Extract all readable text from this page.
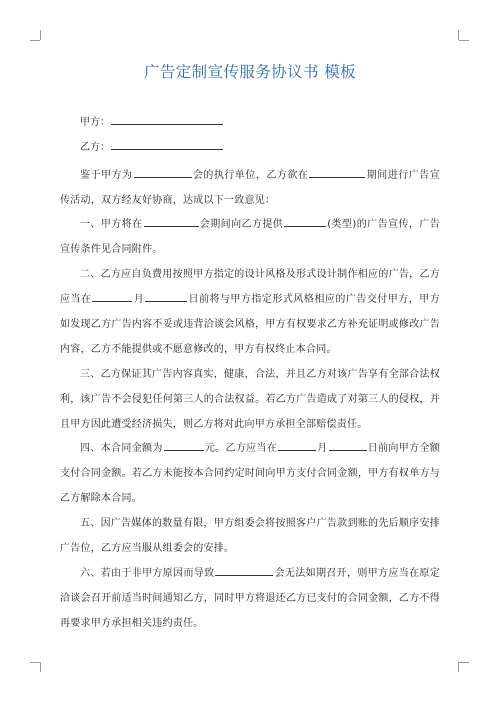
广告定制宣传服务协议书 模板
甲方：
乙方：
鉴于甲方为	会的执行单位，乙方欲在	期间进行广告宣传活动，双方经友好协商，达成以下一致意见：
一、甲方将在	会期间向乙方提供	(类型)的广告宣传，广告宣传条件见合同附件。
二、乙方应自负费用按照甲方指定的设计风格及形式设计制作相应的广告，乙方应当在	月	日前将与甲方指定形式风格相应的广告交付甲方，甲方如发现乙方广告内容不妥或违背洽谈会风格，甲方有权要求乙方补充证明或修改广告内容，乙方不能提供或不愿意修改的，甲方有权终止本合同。
三、乙方保证其广告内容真实，健康，合法，并且乙方对该广告享有全部合法权利，该广告不会侵犯任何第三人的合法权益。若乙方广告造成了对第三人的侵权，并且甲方因此遭受经济损失，则乙方将对此向甲方承担全部赔偿责任。
四、本合同金额为	元。乙方应当在	月	日前向甲方全额支付合同金额。若乙方未能按本合同约定时间向甲方支付合同金额，甲方有权单方与乙方解除本合同。
五、因广告媒体的数量有限，甲方组委会将按照客户广告款到账的先后顺序安排广告位，乙方应当服从组委会的安排。
六、若由于非甲方原因而导致	会无法如期召开，则甲方应当在原定洽谈会召开前适当时间通知乙方，同时甲方将退还乙方已支付的合同金额，乙方不得再要求甲方承担相关违约责任。
